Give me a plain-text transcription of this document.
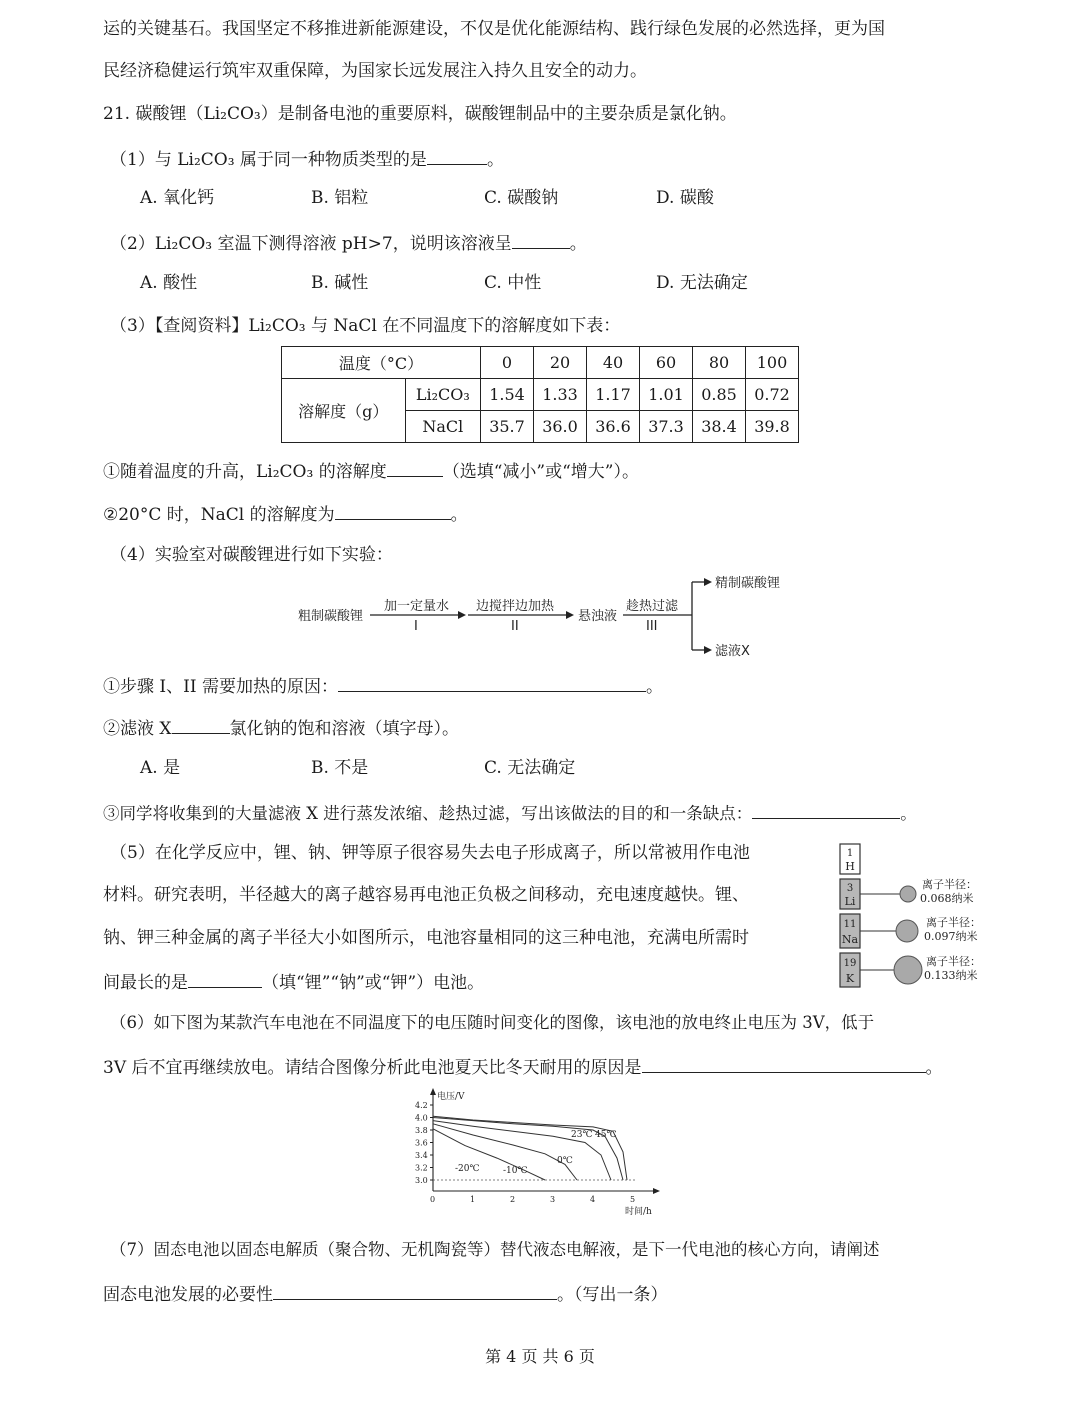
运的关键基石。我国坚定不移推进新能源建设，不仅是优化能源结构、践行绿色发展的必然选择，更为国
民经济稳健运行筑牢双重保障，为国家长远发展注入持久且安全的动力。
21. 碳酸锂（Li₂CO₃）是制备电池的重要原料，碳酸锂制品中的主要杂质是氯化钠。
（1）与 Li₂CO₃ 属于同一种物质类型的是	。
A. 氧化钙	B. 铝粒	C. 碳酸钠	D. 碳酸
（2）Li₂CO₃ 室温下测得溶液 pH>7，说明该溶液呈	。
A. 酸性	B. 碱性	C. 中性	D. 无法确定
（3）【查阅资料】Li₂CO₃ 与 NaCl 在不同温度下的溶解度如下表：
温度（°C）		0	20	40	60	80	100
溶解度（g）	Li₂CO₃	1.54	1.33	1.17	1.01	0.85	0.72
	NaCl	35.7	36.0	36.6	37.3	38.4	39.8
①随着温度的升高，Li₂CO₃ 的溶解度	（选填“减小”或“增大”）。
②20°C 时，NaCl 的溶解度为	。
（4）实验室对碳酸锂进行如下实验：
粗制碳酸锂
加一定量水
I
边搅拌边加热
II
悬浊液
趁热过滤
III
精制碳酸锂
滤液X
①步骤 I、II 需要加热的原因：	。
②滤液 X	氯化钠的饱和溶液（填字母）。
A. 是	B. 不是	C. 无法确定
③同学将收集到的大量滤液 X 进行蒸发浓缩、趁热过滤，写出该做法的目的和一条缺点：	。
（5）在化学反应中，锂、钠、钾等原子很容易失去电子形成离子，所以常被用作电池
材料。研究表明，半径越大的离子越容易再电池正负极之间移动，充电速度越快。锂、
钠、钾三种金属的离子半径大小如图所示，电池容量相同的这三种电池，充满电所需时
间最长的是	（填“锂”“钠”或“钾”）电池。
1
H
3
Li
离子半径：
0.068纳米
11
Na
离子半径：
0.097纳米
19
K
离子半径：
0.133纳米
（6）如下图为某款汽车电池在不同温度下的电压随时间变化的图像，该电池的放电终止电压为 3V，低于
3V 后不宜再继续放电。请结合图像分析此电池夏天比冬天耐用的原因是	。
电压/V
时间/h
4.2
4.0
3.8
3.6
3.4
3.2
3.0
0	1	2	3	4	5
23℃ 45℃
0℃
-10℃
-20℃
（7）固态电池以固态电解质（聚合物、无机陶瓷等）替代液态电解液，是下一代电池的核心方向，请阐述
固态电池发展的必要性	。（写出一条）
第 4 页 共 6 页
